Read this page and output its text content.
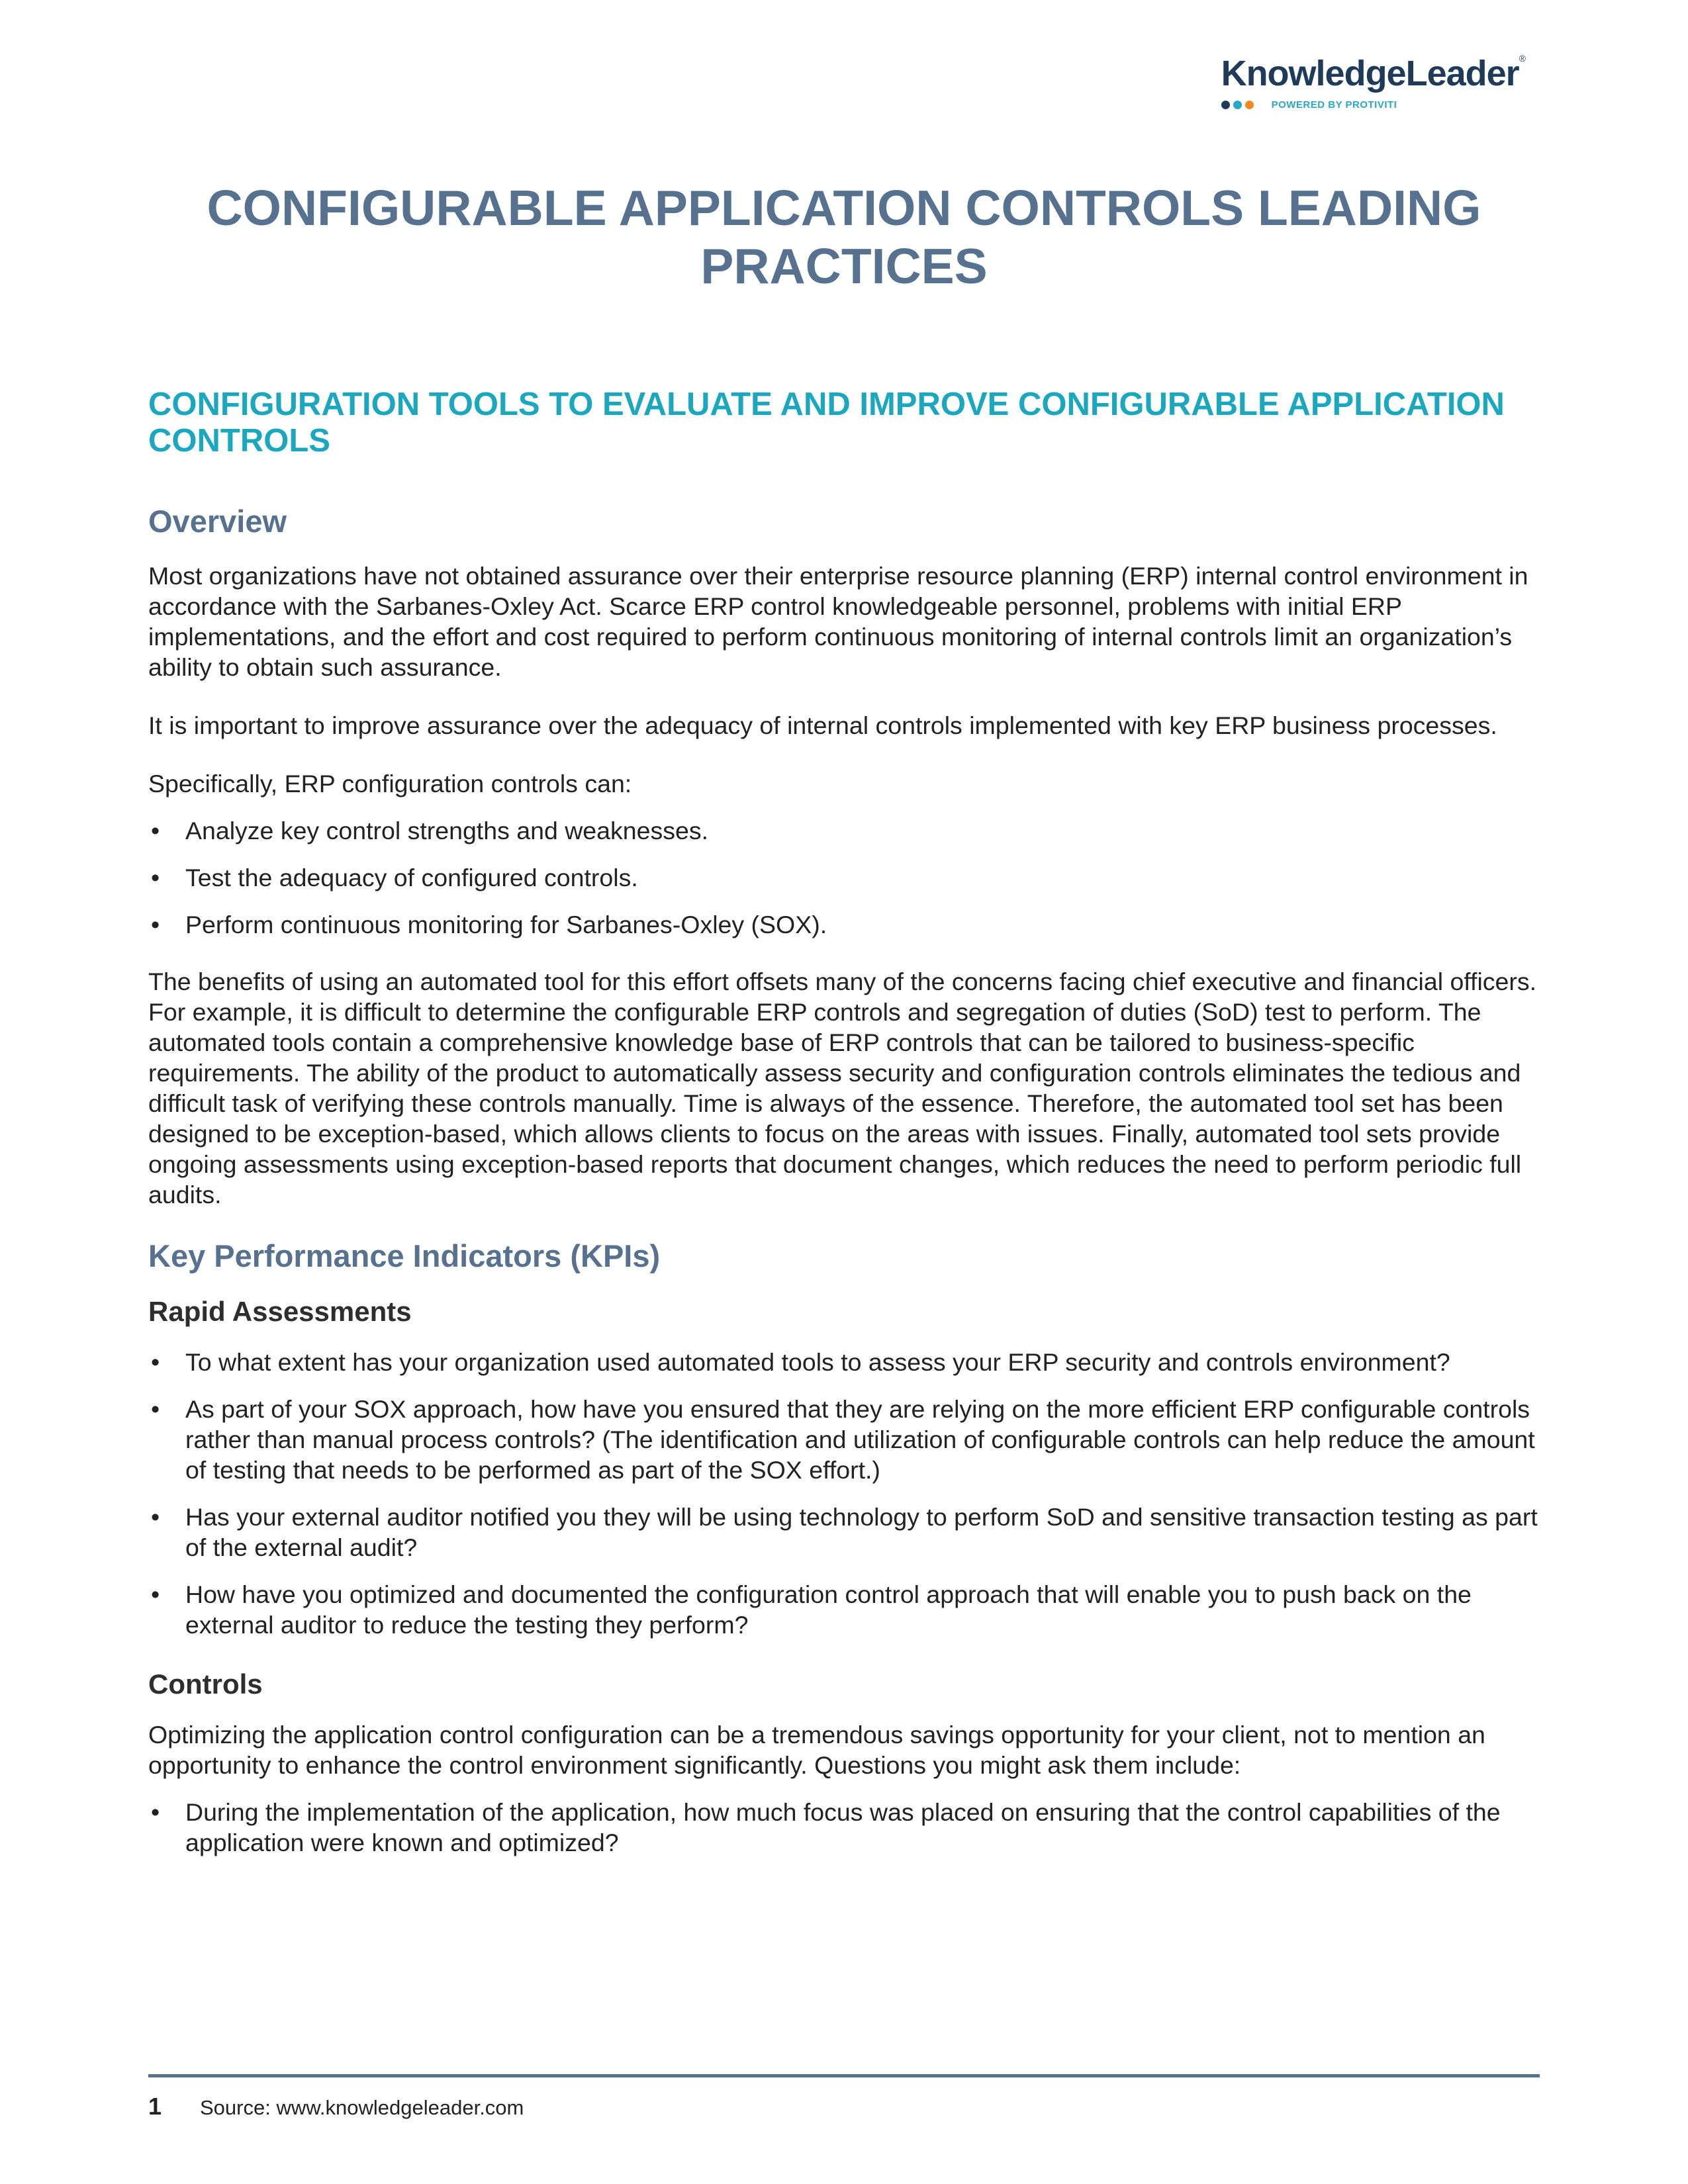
KnowledgeLeader®
POWERED BY PROTIVITI
CONFIGURABLE APPLICATION CONTROLS LEADING PRACTICES
CONFIGURATION TOOLS TO EVALUATE AND IMPROVE CONFIGURABLE APPLICATION CONTROLS
Overview

Most organizations have not obtained assurance over their enterprise resource planning (ERP) internal control environment in accordance with the Sarbanes-Oxley Act. Scarce ERP control knowledgeable personnel, problems with initial ERP implementations, and the effort and cost required to perform continuous monitoring of internal controls limit an organization’s ability to obtain such assurance.

It is important to improve assurance over the adequacy of internal controls implemented with key ERP business processes.

Specifically, ERP configuration controls can:

• Analyze key control strengths and weaknesses.
• Test the adequacy of configured controls.
• Perform continuous monitoring for Sarbanes-Oxley (SOX).

The benefits of using an automated tool for this effort offsets many of the concerns facing chief executive and financial officers. For example, it is difficult to determine the configurable ERP controls and segregation of duties (SoD) test to perform. The automated tools contain a comprehensive knowledge base of ERP controls that can be tailored to business-specific requirements. The ability of the product to automatically assess security and configuration controls eliminates the tedious and difficult task of verifying these controls manually. Time is always of the essence. Therefore, the automated tool set has been designed to be exception-based, which allows clients to focus on the areas with issues. Finally, automated tool sets provide ongoing assessments using exception-based reports that document changes, which reduces the need to perform periodic full audits.

Key Performance Indicators (KPIs)
Rapid Assessments
• To what extent has your organization used automated tools to assess your ERP security and controls environment?
• As part of your SOX approach, how have you ensured that they are relying on the more efficient ERP configurable controls rather than manual process controls? (The identification and utilization of configurable controls can help reduce the amount of testing that needs to be performed as part of the SOX effort.)
• Has your external auditor notified you they will be using technology to perform SoD and sensitive transaction testing as part of the external audit?
• How have you optimized and documented the configuration control approach that will enable you to push back on the external auditor to reduce the testing they perform?
Controls

Optimizing the application control configuration can be a tremendous savings opportunity for your client, not to mention an opportunity to enhance the control environment significantly. Questions you might ask them include:

• During the implementation of the application, how much focus was placed on ensuring that the control capabilities of the application were known and optimized?
1	Source: www.knowledgeleader.com
